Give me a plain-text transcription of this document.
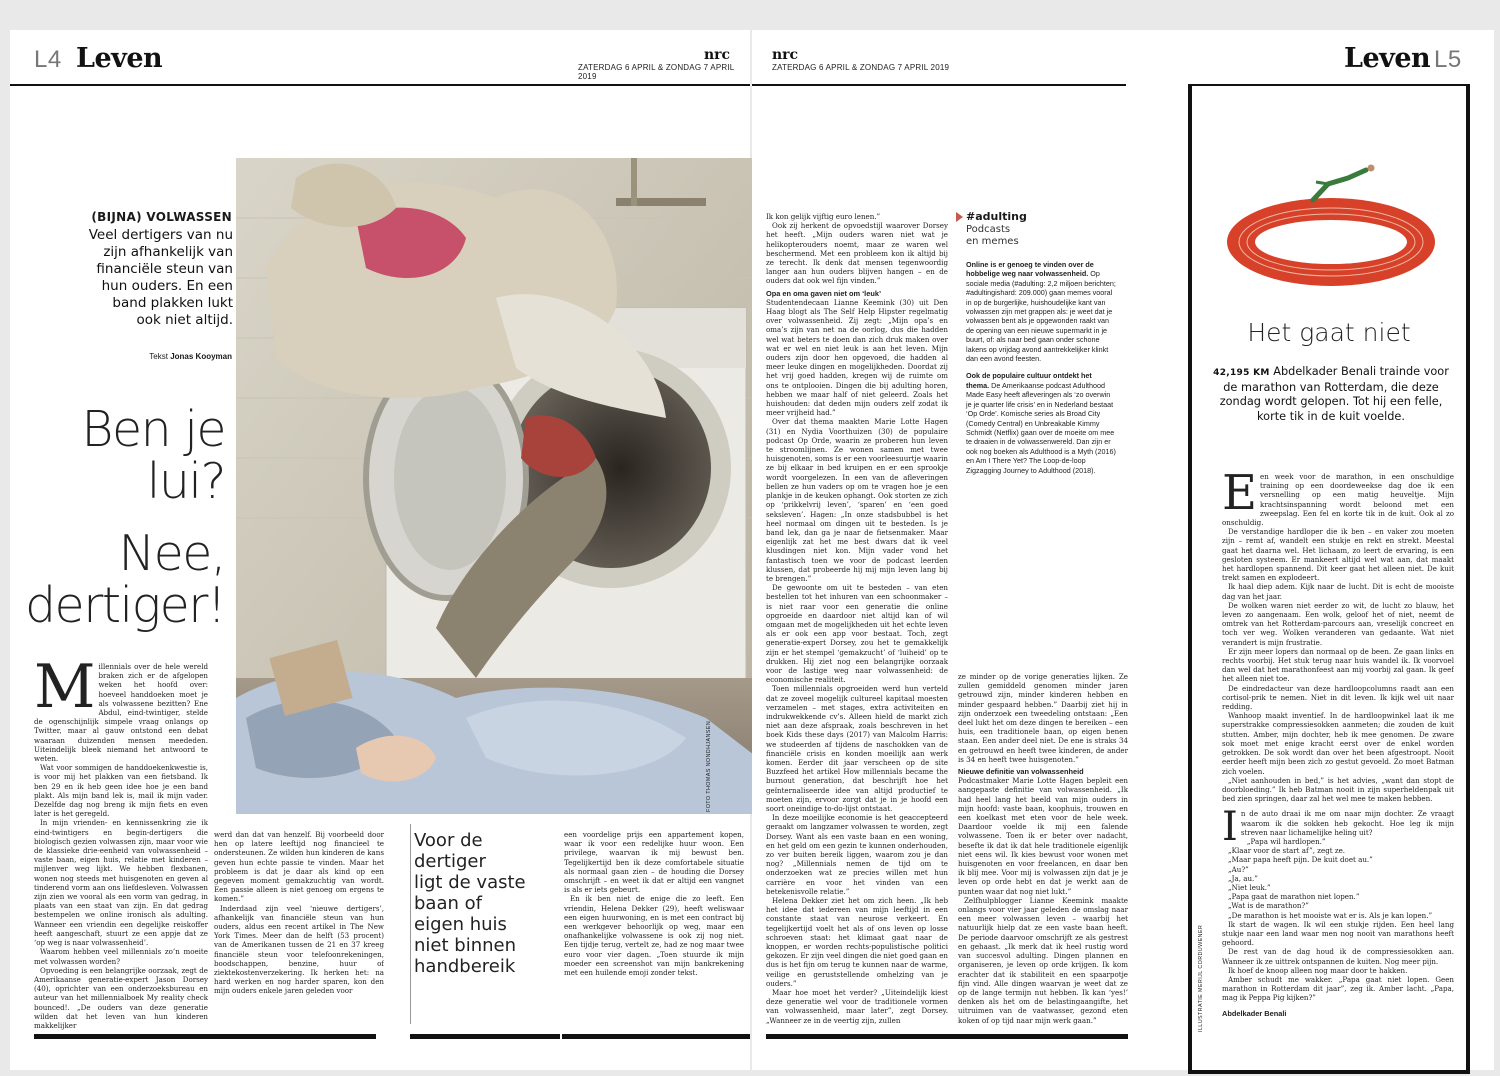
L4 Leven	nrc
ZATERDAG 6 APRIL & ZONDAG 7 APRIL 2019
FOTO THOMAS NONDHJANSEN
(BIJNA) VOLWASSEN
Veel dertigers van nu
zijn afhankelijk van
financiële steun van
hun ouders. En een
band plakken lukt
ook niet altijd.
Tekst Jonas Kooyman
Ben je
lui?
Nee,
dertiger!

Millennials over de hele wereld braken zich er de afgelopen weken het hoofd over: hoeveel handdoeken moet je als volwassene bezitten? Ene Abdul, eind-twintiger, stelde de ogenschijnlijk simpele vraag onlangs op Twitter, maar al gauw ontstond een debat waaraan duizenden mensen meededen. Uiteindelijk bleek niemand het antwoord te weten.

Wat voor sommigen de handdoekenkwestie is, is voor mij het plakken van een fietsband. Ik ben 29 en ik heb geen idee hoe je een band plakt. Als mijn band lek is, mail ik mijn vader. Dezelfde dag nog breng ik mijn fiets en even later is het geregeld.

In mijn vrienden- en kennissenkring zie ik eind-twintigers en begin-dertigers die biologisch gezien volwassen zijn, maar voor wie de klassieke drie-eenheid van volwassenheid – vaste baan, eigen huis, relatie met kinderen – mijlenver weg lijkt. We hebben flexbanen, wonen nog steeds met huisgenoten en geven al tinderend vorm aan ons liefdesleven. Volwassen zijn zien we vooral als een vorm van gedrag, in plaats van een staat van zijn. En dat gedrag bestempelen we online ironisch als adulting. Wanneer een vriendin een degelijke reiskoffer heeft aangeschaft, stuurt ze een appje dat ze ‘op weg is naar volwassenheid’.

Waarom hebben veel millennials zo’n moeite met volwassen worden?

Opvoeding is een belangrijke oorzaak, zegt de Amerikaanse generatie-expert Jason Dorsey (40), oprichter van een onderzoeksbureau en auteur van het millennialboek My reality check bounced!. „De ouders van deze generatie wilden dat het leven van hun kinderen makkelijker

werd dan dat van henzelf. Bij voorbeeld door hen op latere leeftijd nog financieel te ondersteunen. Ze wilden hun kinderen de kans geven hun echte passie te vinden. Maar het probleem is dat je daar als kind op een gegeven moment gemakzuchtig van wordt. Een passie alleen is niet genoeg om ergens te komen.”

Inderdaad zijn veel ‘nieuwe dertigers’, afhankelijk van financiële steun van hun ouders, aldus een recent artikel in The New York Times. Meer dan de helft (53 procent) van de Amerikanen tussen de 21 en 37 kreeg financiële steun voor telefoonrekeningen, boodschappen, benzine, huur of ziektekostenverzekering. Ik herken het: na hard werken en nog harder sparen, kon den mijn ouders enkele jaren geleden voor

Voor de
dertiger
ligt de vaste
baan of
eigen huis
niet binnen
handbereik

een voordelige prijs een appartement kopen, waar ik voor een redelijke huur woon. Een privilege, waarvan ik mij bewust ben. Tegelijkertijd ben ik deze comfortabele situatie als normaal gaan zien – de houding die Dorsey omschrijft – en weet ik dat er altijd een vangnet is als er iets gebeurt.

En ik ben niet de enige die zo leeft. Een vriendin, Helena Dekker (29), heeft weliswaar een eigen huurwoning, en is met een contract bij een werkgever behoorlijk op weg, maar een onafhankelijke volwassene is ook zij nog niet. Een tijdje terug, vertelt ze, had ze nog maar twee euro voor vier dagen. „Toen stuurde ik mijn moeder een screenshot van mijn bankrekening met een huilende emoji zonder tekst.

nrc
ZATERDAG 6 APRIL & ZONDAG 7 APRIL 2019	Leven L5

Ik kon gelijk vijftig euro lenen.”

Ook zij herkent de opvoedstijl waarover Dorsey het heeft. „Mijn ouders waren niet wat je helikopterouders noemt, maar ze waren wel beschermend. Met een probleem kon ik altijd bij ze terecht. Ik denk dat mensen tegenwoordig langer aan hun ouders blijven hangen – en de ouders dat ook wel fijn vinden.”

Opa en oma gaven niet om ‘leuk’

Studentendecaan Lianne Keemink (30) uit Den Haag blogt als The Self Help Hipster regelmatig over volwassenheid. Zij zegt: „Mijn opa’s en oma’s zijn van net na de oorlog, dus die hadden wel wat beters te doen dan zich druk maken over wat er wel en niet leuk is aan het leven. Mijn ouders zijn door hen opgevoed, die hadden al meer leuke dingen en mogelijkheden. Doordat zij het vrij goed hadden, kregen wij de ruimte om ons te ontplooien. Dingen die bij adulting horen, hebben we maar half of niet geleerd. Zoals het huishouden: dat deden mijn ouders zelf zodat ik meer vrijheid had.”

Over dat thema maakten Marie Lotte Hagen (31) en Nydia Voorthuizen (30) de populaire podcast Op Orde, waarin ze proberen hun leven te stroomlijnen. Ze wonen samen met twee huisgenoten, soms is er een voorleesuurtje waarin ze bij elkaar in bed kruipen en er een sprookje wordt voorgelezen. In een van de afleveringen bellen ze hun vaders op om te vragen hoe je een plankje in de keuken ophangt. Ook storten ze zich op ‘prikkelvrij leven’, ‘sparen’ en ‘een goed seksleven’. Hagen: „In onze stadsbubbel is het heel normaal om dingen uit te besteden. Is je band lek, dan ga je naar de fietsenmaker. Maar eigenlijk zat het me best dwars dat ik veel klusdingen niet kon. Mijn vader vond het fantastisch toen we voor de podcast leerden klussen, dat probeerde hij mij mijn leven lang bij te brengen.”

De gewoonte om uit te besteden – van eten bestellen tot het inhuren van een schoonmaker – is niet raar voor een generatie die online opgroeide en daardoor niet altijd kan of wil omgaan met de mogelijkheden uit het echte leven als er ook een app voor bestaat. Toch, zegt generatie-expert Dorsey, zou het te gemakkelijk zijn er het stempel ‘gemakzucht’ of ‘luiheid’ op te drukken. Hij ziet nog een belangrijke oorzaak voor de lastige weg naar volwassenheid: de economische realiteit.

Toen millennials opgroeiden werd hun verteld dat ze zoveel mogelijk cultureel kapitaal moesten verzamelen – met stages, extra activiteiten en indrukwekkende cv’s. Alleen hield de markt zich niet aan deze afspraak, zoals beschreven in het boek Kids these days (2017) van Malcolm Harris: we studeerden af tijdens de naschokken van de financiële crisis en konden moeilijk aan werk komen. Eerder dit jaar verscheen op de site Buzzfeed het artikel How millennials became the burnout generation, dat beschrijft hoe het geïnternaliseerde idee van altijd productief te moeten zijn, ervoor zorgt dat je in je hoofd een soort oneindige to-do-lijst ontstaat.

In deze moeilijke economie is het geaccepteerd geraakt om langzamer volwassen te worden, zegt Dorsey. Want als een vaste baan en een woning, en het geld om een gezin te kunnen onderhouden, zo ver buiten bereik liggen, waarom zou je dan nog? „Millennials nemen de tijd om te onderzoeken wat ze precies willen met hun carrière en voor het vinden van een betekenisvolle relatie.”

Helena Dekker ziet het om zich heen. „Ik heb het idee dat iedereen van mijn leeftijd in een constante staat van neurose verkeert. En tegelijkertijd voelt het als of ons leven op losse schroeven staat: het klimaat gaat naar de knoppen, er worden rechts-populistische politici gekozen. Er zijn veel dingen die niet goed gaan en dus is het fijn om terug te kunnen naar de warme, veilige en geruststellende omhelzing van je ouders.”

Maar hoe moet het verder? „Uiteindelijk kiest deze generatie wel voor de traditionele vormen van volwassenheid, maar later”, zegt Dorsey. „Wanneer ze in de veertig zijn, zullen

#adulting
Podcasts
en memes
Online is er genoeg te vinden over de hobbelige weg naar volwassenheid. Op sociale media (#adulting: 2,2 miljoen berichten; #adultingishard: 209.000) gaan memes vooral in op de burgerlijke, huishoudelijke kant van volwassen zijn met grappen als: je weet dat je volwassen bent als je opgewonden raakt van de opening van een nieuwe supermarkt in je buurt, of: als naar bed gaan onder schone lakens op vrijdag avond aantrekkelijker klinkt dan een avond feesten.
Ook de populaire cultuur ontdekt het thema. De Amerikaanse podcast Adulthood Made Easy heeft afleveringen als ‘zo overwin je je quarter life crisis’ en in Nederland bestaat ‘Op Orde’. Komische series als Broad City (Comedy Central) en Unbreakable Kimmy Schmidt (Netflix) gaan over de moeite om mee te draaien in de volwassenwereld. Dan zijn er ook nog boeken als Adulthood is a Myth (2016) en Am I There Yet? The Loop-de-loop Zigzagging Journey to Adulthood (2018).

ze minder op de vorige generaties lijken. Ze zullen gemiddeld genomen minder jaren getrouwd zijn, minder kinderen hebben en minder gespaard hebben.” Daarbij ziet hij in zijn onderzoek een tweedeling ontstaan: „Een deel lukt het om deze dingen te bereiken – een huis, een traditionele baan, op eigen benen staan. Een ander deel niet. De ene is straks 34 en getrouwd en heeft twee kinderen, de ander is 34 en heeft twee huisgenoten.”

Nieuwe definitie van volwassenheid

Podcastmaker Marie Lotte Hagen bepleit een aangepaste definitie van volwassenheid. „Ik had heel lang het beeld van mijn ouders in mijn hoofd: vaste baan, koophuis, trouwen en een koelkast met eten voor de hele week. Daardoor voelde ik mij een falende volwassene. Toen ik er beter over nadacht, besefte ik dat ik dat hele traditionele eigenlijk niet eens wil. Ik kies bewust voor wonen met huisgenoten en voor freelancen, en daar ben ik blij mee. Voor mij is volwassen zijn dat je je leven op orde hebt en dat je werkt aan de punten waar dat nog niet lukt.”

Zelfhulpblogger Lianne Keemink maakte onlangs voor vier jaar geleden de omslag naar een meer volwassen leven – waarbij het natuurlijk hielp dat ze een vaste baan heeft. De periode daarvoor omschrijft ze als gestrest en gehaast. „Ik merk dat ik heel rustig word van succesvol adulting. Dingen plannen en organiseren, je leven op orde krijgen. Ik kom erachter dat ik stabiliteit en een spaarpotje fijn vind. Alle dingen waarvan je weet dat ze op de lange termijn nut hebben. Ik kan ‘yes!’ denken als het om de belastingaangifte, het uitruimen van de vaatwasser, gezond eten koken of op tijd naar mijn werk gaan.”	ILLUSTRATIE MERIJL CORDUWENER
Het gaat niet
42,195 KM Abdelkader Benali trainde voor de marathon van Rotterdam, die deze zondag wordt gelopen. Tot hij een felle, korte tik in de kuit voelde.

Een week voor de marathon, in een onschuldige training op een doordeweekse dag doe ik een versnelling op een matig heuveltje. Mijn krachtsinspanning wordt beloond met een zweepslag. Een fel en korte tik in de kuit. Ook al zo onschuldig.

De verstandige hardloper die ik ben – en vaker zou moeten zijn – remt af, wandelt een stukje en rekt en strekt. Meestal gaat het daarna wel. Het lichaam, zo leert de ervaring, is een gesloten systeem. Er mankeert altijd wel wat aan, dat maakt het hardlopen spannend. Dit keer gaat het alleen niet. De kuit trekt samen en explodeert.

Ik haal diep adem. Kijk naar de lucht. Dit is echt de mooiste dag van het jaar.

De wolken waren niet eerder zo wit, de lucht zo blauw, het leven zo aangenaam. Een wolk, geloof het of niet, neemt de omtrek van het Rotterdam-parcours aan, vreselijk concreet en toch ver weg. Wolken veranderen van gedaante. Wat niet verandert is mijn frustratie.

Er zijn meer lopers dan normaal op de been. Ze gaan links en rechts voorbij. Het stuk terug naar huis wandel ik. Ik voorvoel dan wel dat het marathonfeest aan mij voorbij zal gaan. Ik geef het alleen niet toe.

De eindredacteur van deze hardloopcolumns raadt aan een cortisol-prik te nemen. Niet in dit leven. Ik kijk wel uit naar redding.

Wanhoop maakt inventief. In de hardloopwinkel laat ik me superstrakke compressiesokken aanmeten; die zouden de kuit stutten. Amber, mijn dochter, heb ik mee genomen. De zware sok moet met enige kracht eerst over de enkel worden getrokken. De sok wordt dan over het been afgestroopt. Nooit eerder heeft mijn been zich zo gestut gevoeld. Zo moet Batman zich voelen.

„Niet aanhouden in bed,” is het advies, „want dan stopt de doorbloeding.” Ik heb Batman nooit in zijn superheldenpak uit bed zien springen, daar zal het wel mee te maken hebben.

In de auto draai ik me om naar mijn dochter. Ze vraagt waarom ik die sokken heb gekocht. Hoe leg ik mijn streven naar lichamelijke heling uit?

„Papa wil hardlopen.”

„Klaar voor de start af”, zegt ze.

„Maar papa heeft pijn. De kuit doet au.”

„Au?”

„Ja, au.”

„Niet leuk.”

„Papa gaat de marathon niet lopen.”

„Wat is de marathon?”

„De marathon is het mooiste wat er is. Als je kan lopen.”

Ik start de wagen. Ik wil een stukje rijden. Een heel lang stukje naar een land waar men nog nooit van marathons heeft gehoord.

De rest van de dag houd ik de compressiesokken aan. Wanneer ik ze uittrek ontspannen de kuiten. Nog meer pijn.

Ik hoef de knoop alleen nog maar door te hakken.

Amber schudt me wakker. „Papa gaat niet lopen. Geen marathon in Rotterdam dit jaar”, zeg ik. Amber lacht. „Papa, mag ik Peppa Pig kijken?”

Abdelkader Benali
